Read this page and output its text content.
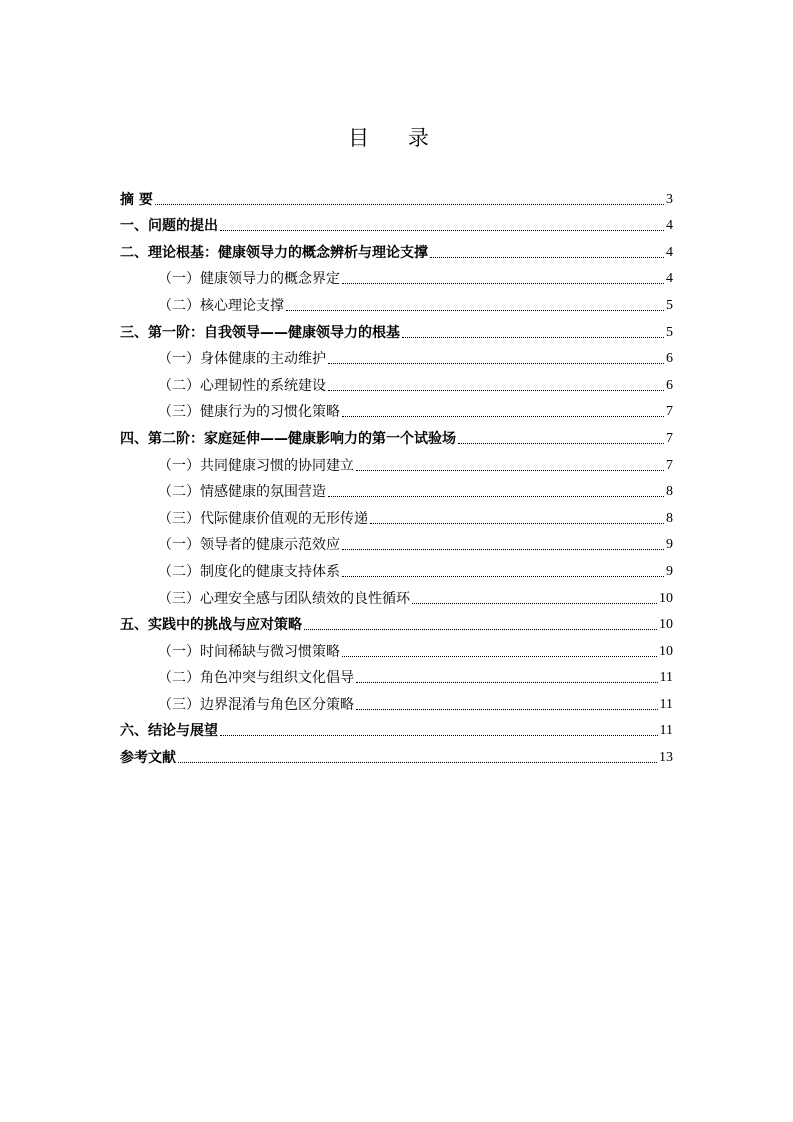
目 录
摘 要	3
一、问题的提出	4
二、理论根基：健康领导力的概念辨析与理论支撑	4
（一）健康领导力的概念界定	4
（二）核心理论支撑	5
三、第一阶：自我领导——健康领导力的根基	5
（一）身体健康的主动维护	6
（二）心理韧性的系统建设	6
（三）健康行为的习惯化策略	7
四、第二阶：家庭延伸——健康影响力的第一个试验场	7
（一）共同健康习惯的协同建立	7
（二）情感健康的氛围营造	8
（三）代际健康价值观的无形传递	8
（一）领导者的健康示范效应	9
（二）制度化的健康支持体系	9
（三）心理安全感与团队绩效的良性循环	10
五、实践中的挑战与应对策略	10
（一）时间稀缺与微习惯策略	10
（二）角色冲突与组织文化倡导	11
（三）边界混淆与角色区分策略	11
六、结论与展望	11
参考文献	13
